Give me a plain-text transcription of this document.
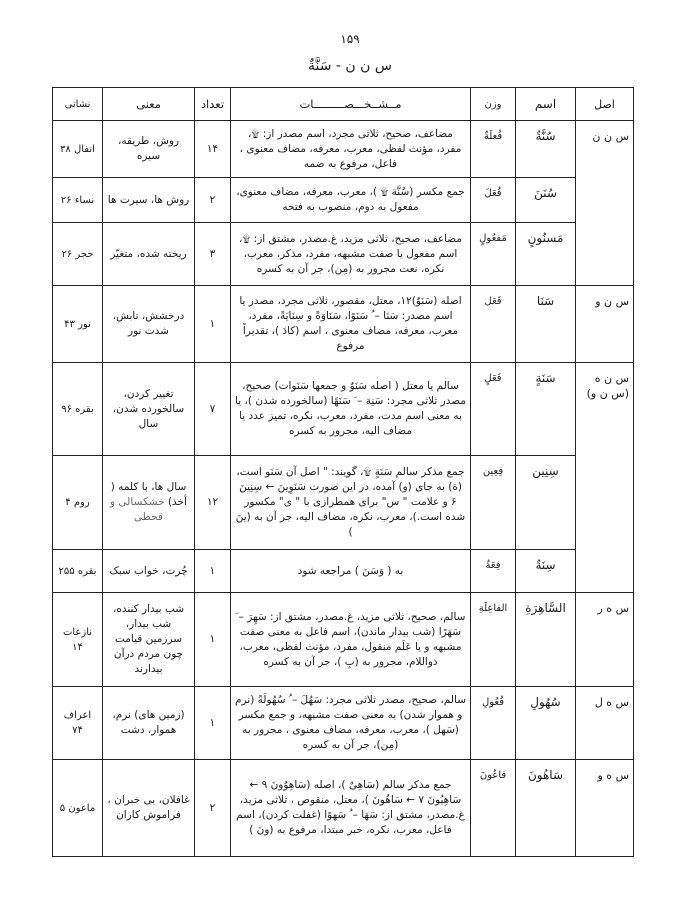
۱۵۹
س ن ن - سَنَّةٌ
اصل	اسم	وزن	مــشــخـــصـــــــــات	تعداد	معنی	نشانی
س ن ن	سُنَّةٌ	فُعلَةٌ	مضاعف، صحیح، ثلاثی مجرد، اسم مصدر از: ۩، مفرد، مؤنث لفظی، معرب، معرفه، مضاف معنوی ، فاعل، مرفوع به ضمه	۱۴	روش، طریقه، سیره	انفال ۳۸
	سُنَنَ	فُعَلَ	جمع مکسر (سُنَّة ۩ )، معرب، معرفه، مضاف معنوی، مفعول به دوم، منصوب به فتحه	۲	روش ها، سیرت ها	نساء ۲۶
	مَسنُونٍ	مَفعُولٍ	مضاعف، صحیح، ثلاثی مزید، غ.مصدر، مشتق از: ۩، اسم مفعول یا صفت مشبهه، مفرد، مذکر، معرب، نکره، نعت مجرور به (مِن)، جر آن به کسره	۳	ریخته شده، متغیّر	حجر ۲۶
س ن و	سَنَا	فَعَل	اصله (سَنَوٌ)۱۲، معتل، مقصور، ثلاثی مجرد، مصدر یا اسم مصدر: سَنَا – ُ سَنَوًا، سَنَاوَةً و سِنَایَةً، مفرد، معرب، معرفه، مضاف معنوی ، اسم (کادَ )، تقدیراً مرفوع	۱	درخشش، تابش، شدت نور	نور ۴۳
س ن ه (س ن و)	سَنَةٍ	فَعَلٍ	سالم یا معتل ( اصله سَنَوٌ و جمعها سَنَوات) صحیح، مصدر ثلاثی مجرد: سَنِهَ – َ سَنَهًا (سالخورده شدن )، یا به معنی اسم مدت، مفرد، معرب، نکره، تمیز عدد یا مضاف الیه، مجرور به کسره	۷	تغییر کردن، سالخورده شدن، سال	بقره ۹۶
	سِنِین	فِعِین	جمع مذکر سالم سَنَةٍ ۩، گویند: " اصل آن سَنَو است، (ة) به جای (و) آمده، در این صورت سَنَوِینَ ← سِنِینَ ۶ و علامت " س" برای همطرازی با " ی" مکسور شده است.)، معرب، نکره، مضاف الیه، جر آن به (ینَ )	۱۲	سال ها، با کلمه ( أخذ) خشکسالی و قحطی	روم ۴
	سِنَةٌ	فِعَةٌ	به ( وَسَنَ ) مراجعه شود	۱	چُرت، خواب سبک	بقره ۲۵۵
س ه ر	السَّاهِرَةِ	الفاعِلَةِ	سالم، صحیح، ثلاثی مزید، غ.مصدر، مشتق از: سَهِرَ – َ سَهَرًا (شب بیدار ماندن)، اسم فاعل به معنی صفت مشبهه و یا عَلَم منقول، مفرد، مؤنث لفظی، معرب، ذواللام، مجرور به (بِ )، جر آن به کسره	۱	شب بیدار کننده، شب بیدار، سرزمین قیامت چون مردم درآن بیدارند	نازعات ۱۴
س ه ل	سُهُولِ	فُعُولِ	سالم، صحیح، مصدر ثلاثی مجرد: سَهُلَ – ُ سُهُولَةً (نرم و هموار شدن) به معنی صفت مشبهه، و جمع مکسر (سَهل )، معرب، معرفه، مضاف معنوی ، مجرور به (مِن)، جر آن به کسره	۱	(زمین های) نرم، هموار، دشت	اعراف ۷۴
س ه و	سَاهُونَ	فاعُونَ	جمع مذکر سالم (سَاهِیٌ )، اصله (سَاهِوُونَ ۹ ← سَاهِیُونَ ۷ ← سَاهُونَ )، معتل، منقوص ، ثلاثی مزید، غ.مصدر، مشتق از: سَهَا – ُ سَهوًا (غفلت کردن)، اسم فاعل، معرب، نکره، خبر مبتدا، مرفوع به (ونَ )	۲	غافلان، بی خبران ، فراموش کاران	ماعون ۵
